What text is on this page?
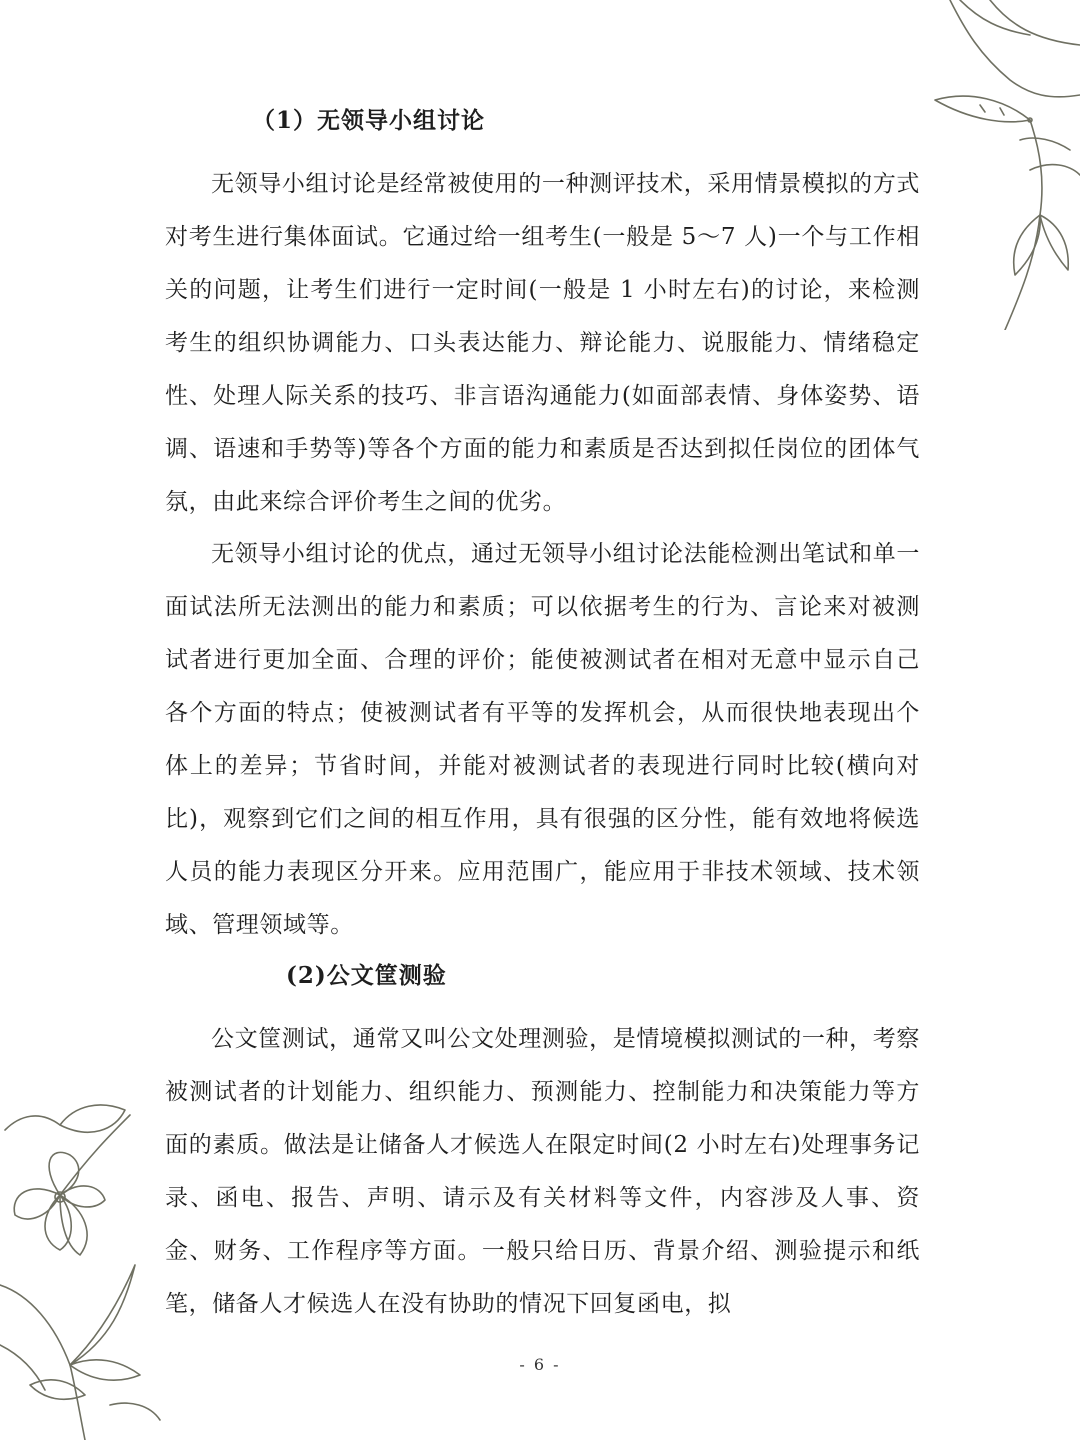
（1）无领导小组讨论

无领导小组讨论是经常被使用的一种测评技术，采用情景模拟的方式对考生进行集体面试。它通过给一组考生(一般是 5～7 人)一个与工作相关的问题，让考生们进行一定时间(一般是 1 小时左右)的讨论，来检测考生的组织协调能力、口头表达能力、辩论能力、说服能力、情绪稳定性、处理人际关系的技巧、非言语沟通能力(如面部表情、身体姿势、语调、语速和手势等)等各个方面的能力和素质是否达到拟任岗位的团体气氛，由此来综合评价考生之间的优劣。

无领导小组讨论的优点，通过无领导小组讨论法能检测出笔试和单一面试法所无法测出的能力和素质；可以依据考生的行为、言论来对被测试者进行更加全面、合理的评价；能使被测试者在相对无意中显示自己各个方面的特点；使被测试者有平等的发挥机会，从而很快地表现出个体上的差异；节省时间，并能对被测试者的表现进行同时比较(横向对比)，观察到它们之间的相互作用，具有很强的区分性，能有效地将候选人员的能力表现区分开来。应用范围广，能应用于非技术领域、技术领域、管理领域等。

(2)公文筐测验

公文筐测试，通常又叫公文处理测验，是情境模拟测试的一种，考察被测试者的计划能力、组织能力、预测能力、控制能力和决策能力等方面的素质。做法是让储备人才候选人在限定时间(2 小时左右)处理事务记录、函电、报告、声明、请示及有关材料等文件，内容涉及人事、资金、财务、工作程序等方面。一般只给日历、背景介绍、测验提示和纸笔，储备人才候选人在没有协助的情况下回复函电，拟

- 6 -
